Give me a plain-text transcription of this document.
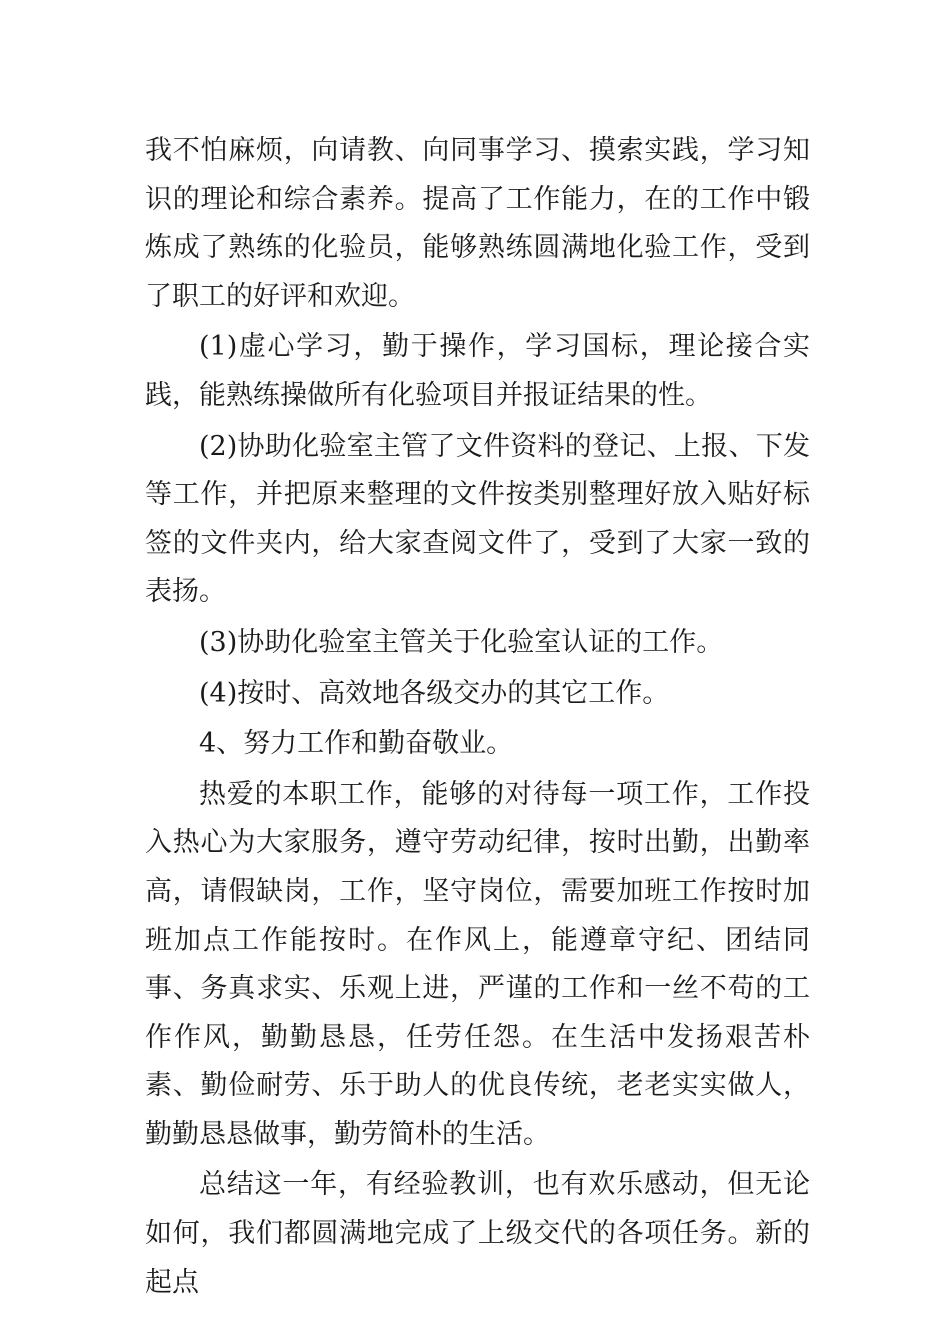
我不怕麻烦，向请教、向同事学习、摸索实践，学习知识的理论和综合素养。提高了工作能力，在的工作中锻炼成了熟练的化验员，能够熟练圆满地化验工作，受到了职工的好评和欢迎。

(1)虚心学习，勤于操作，学习国标，理论接合实践，能熟练操做所有化验项目并报证结果的性。

(2)协助化验室主管了文件资料的登记、上报、下发等工作，并把原来整理的文件按类别整理好放入贴好标签的文件夹内，给大家查阅文件了，受到了大家一致的表扬。

(3)协助化验室主管关于化验室认证的工作。

(4)按时、高效地各级交办的其它工作。

4、努力工作和勤奋敬业。

热爱的本职工作，能够的对待每一项工作，工作投入热心为大家服务，遵守劳动纪律，按时出勤，出勤率高，请假缺岗，工作，坚守岗位，需要加班工作按时加班加点工作能按时。在作风上，能遵章守纪、团结同事、务真求实、乐观上进，严谨的工作和一丝不苟的工作作风，勤勤恳恳，任劳任怨。在生活中发扬艰苦朴素、勤俭耐劳、乐于助人的优良传统，老老实实做人，勤勤恳恳做事，勤劳简朴的生活。

总结这一年，有经验教训，也有欢乐感动，但无论如何，我们都圆满地完成了上级交代的各项任务。新的起点
